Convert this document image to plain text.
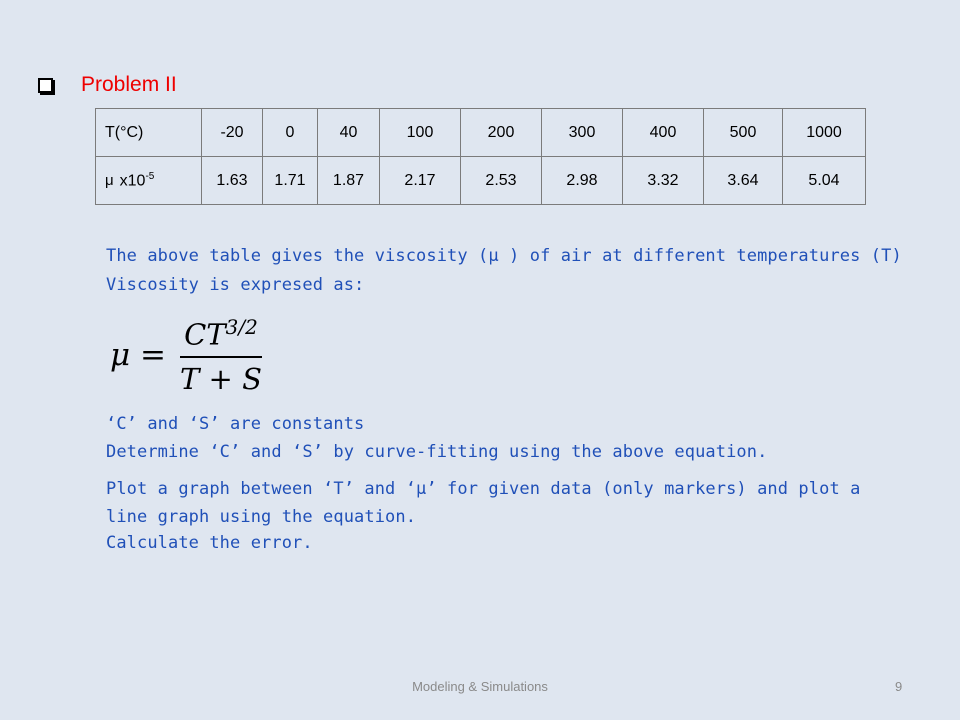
Problem II
T(°C)	-20	0	40	100	200	300	400	500	1000
μ $x10^{-5}$	1.63	1.71	1.87	2.17	2.53	2.98	3.32	3.64	5.04
The above table gives the viscosity (μ ) of air at different temperatures (T)
Viscosity is expresed as:
$\mu = \frac{CT^{3/2}}{T + S}$
‘C’ and ‘S’ are constants
Determine ‘C’ and ‘S’ by curve-fitting using the above equation.
Plot a graph between ‘T’ and ‘μ’ for given data (only markers) and plot a
line graph using the equation.
Calculate the error.
Modeling & Simulations	9
